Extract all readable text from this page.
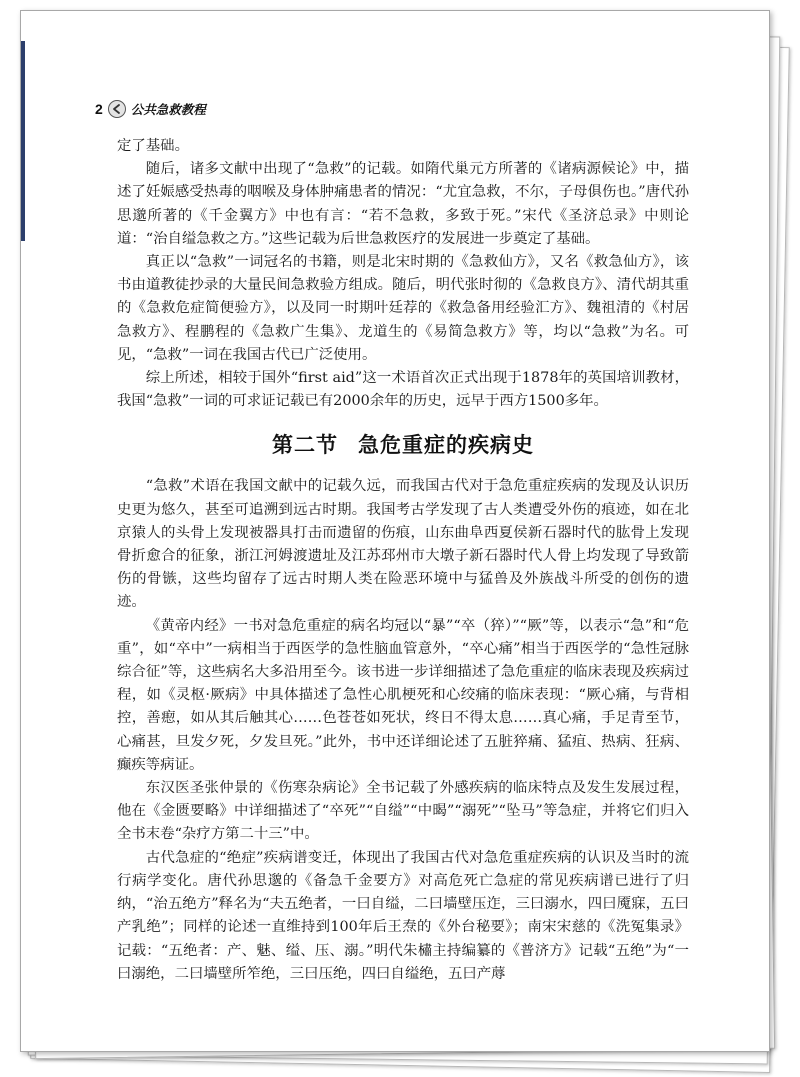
2 公共急救教程

定了基础。

随后，诸多文献中出现了“急救”的记载。如隋代巢元方所著的《诸病源候论》中，描述了妊娠感受热毒的咽喉及身体肿痛患者的情况：“尤宜急救，不尔，子母俱伤也。”唐代孙思邈所著的《千金翼方》中也有言：“若不急救，多致于死。”宋代《圣济总录》中则论道：“治自缢急救之方。”这些记载为后世急救医疗的发展进一步奠定了基础。

真正以“急救”一词冠名的书籍，则是北宋时期的《急救仙方》，又名《救急仙方》，该书由道教徒抄录的大量民间急救验方组成。随后，明代张时彻的《急救良方》、清代胡其重的《急救危症简便验方》，以及同一时期叶廷荐的《救急备用经验汇方》、魏祖清的《村居急救方》、程鹏程的《急救广生集》、龙道生的《易简急救方》等，均以“急救”为名。可见，“急救”一词在我国古代已广泛使用。

综上所述，相较于国外“first aid”这一术语首次正式出现于1878年的英国培训教材，我国“急救”一词的可求证记载已有2000余年的历史，远早于西方1500多年。

第二节 急危重症的疾病史

“急救”术语在我国文献中的记载久远，而我国古代对于急危重症疾病的发现及认识历史更为悠久，甚至可追溯到远古时期。我国考古学发现了古人类遭受外伤的痕迹，如在北京猿人的头骨上发现被器具打击而遗留的伤痕，山东曲阜西夏侯新石器时代的肱骨上发现骨折愈合的征象，浙江河姆渡遗址及江苏邳州市大墩子新石器时代人骨上均发现了导致箭伤的骨镞，这些均留存了远古时期人类在险恶环境中与猛兽及外族战斗所受的创伤的遗迹。

《黄帝内经》一书对急危重症的病名均冠以“暴”“卒（猝）”“厥”等，以表示“急”和“危重”，如“卒中”一病相当于西医学的急性脑血管意外，“卒心痛”相当于西医学的“急性冠脉综合征”等，这些病名大多沿用至今。该书进一步详细描述了急危重症的临床表现及疾病过程，如《灵枢·厥病》中具体描述了急性心肌梗死和心绞痛的临床表现：“厥心痛，与背相控，善瘛，如从其后触其心……色苍苍如死状，终日不得太息……真心痛，手足青至节，心痛甚，旦发夕死，夕发旦死。”此外，书中还详细论述了五脏猝痛、猛疽、热病、狂病、癫疾等病证。

东汉医圣张仲景的《伤寒杂病论》全书记载了外感疾病的临床特点及发生发展过程，他在《金匮要略》中详细描述了“卒死”“自缢”“中暍”“溺死”“坠马”等急症，并将它们归入全书末卷“杂疗方第二十三”中。

古代急症的“绝症”疾病谱变迁，体现出了我国古代对急危重症疾病的认识及当时的流行病学变化。唐代孙思邈的《备急千金要方》对高危死亡急症的常见疾病谱已进行了归纳，“治五绝方”释名为“夫五绝者，一曰自缢，二曰墙壁压迮，三曰溺水，四曰魇寐，五曰产乳绝”；同样的论述一直维持到100年后王焘的《外台秘要》；南宋宋慈的《洗冤集录》记载：“五绝者：产、魅、缢、压、溺。”明代朱橚主持编纂的《普济方》记载“五绝”为“一曰溺绝，二曰墙壁所笮绝，三曰压绝，四曰自缢绝，五曰产蓐
